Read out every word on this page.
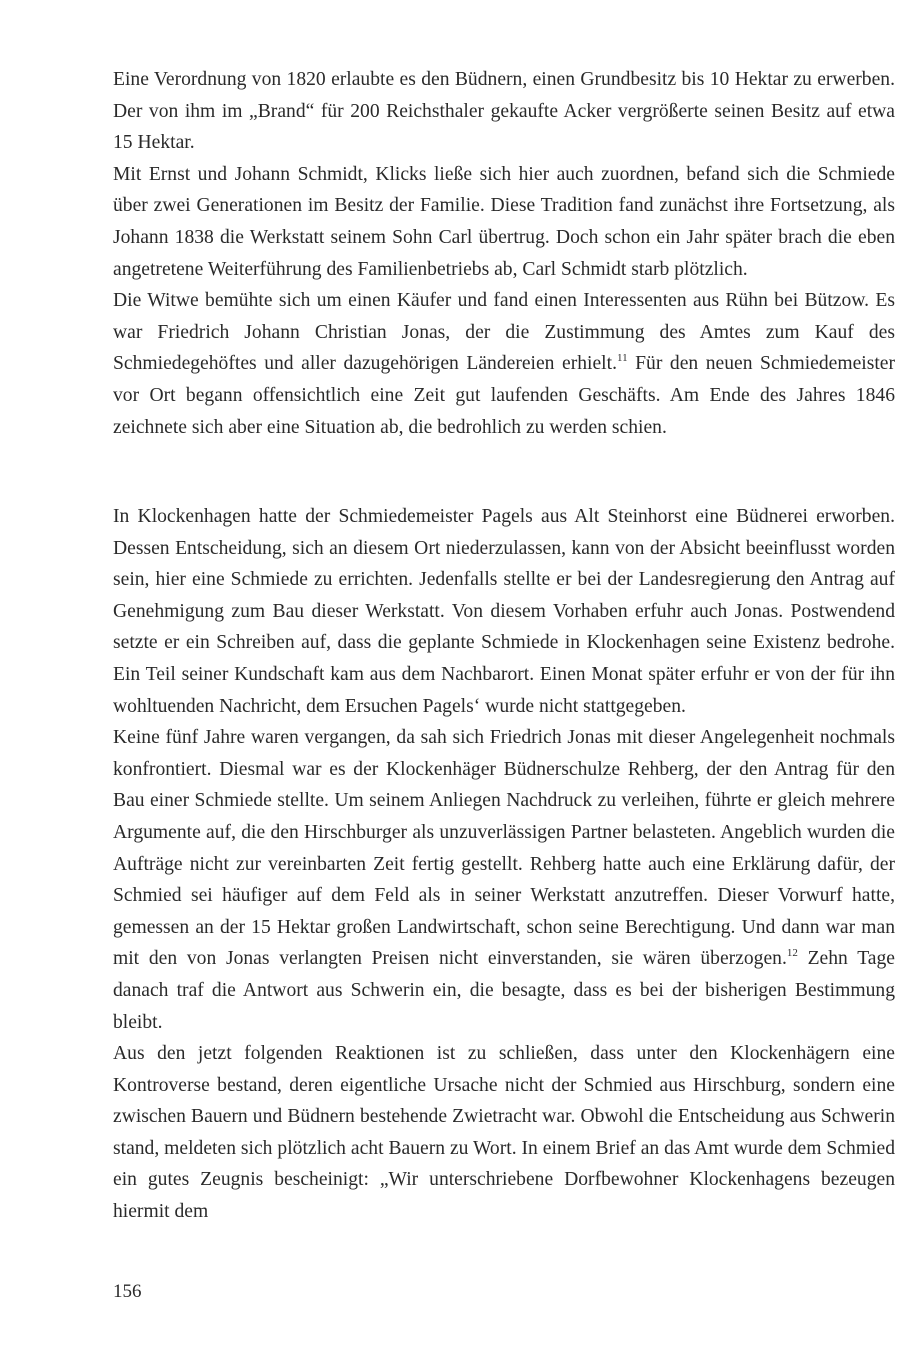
Eine Verordnung von 1820 erlaubte es den Büdnern, einen Grundbesitz bis 10 Hektar zu erwerben. Der von ihm im „Brand“ für 200 Reichsthaler gekaufte Acker vergrößerte seinen Besitz auf etwa 15 Hektar.

Mit Ernst und Johann Schmidt, Klicks ließe sich hier auch zuordnen, befand sich die Schmiede über zwei Generationen im Besitz der Familie. Diese Tradition fand zunächst ihre Fortsetzung, als Johann 1838 die Werkstatt seinem Sohn Carl übertrug. Doch schon ein Jahr später brach die eben angetretene Weiterführung des Familienbetriebs ab, Carl Schmidt starb plötzlich.

Die Witwe bemühte sich um einen Käufer und fand einen Interessenten aus Rühn bei Bützow. Es war Friedrich Johann Christian Jonas, der die Zustimmung des Amtes zum Kauf des Schmiedegehöftes und aller dazugehörigen Ländereien erhielt.$^{11}$ Für den neuen Schmiedemeister vor Ort begann offensichtlich eine Zeit gut laufenden Geschäfts. Am Ende des Jahres 1846 zeichnete sich aber eine Situation ab, die bedrohlich zu werden schien.

In Klockenhagen hatte der Schmiedemeister Pagels aus Alt Steinhorst eine Büdnerei erworben. Dessen Entscheidung, sich an diesem Ort niederzulassen, kann von der Absicht beeinflusst worden sein, hier eine Schmiede zu errichten. Jedenfalls stellte er bei der Landesregierung den Antrag auf Genehmigung zum Bau dieser Werkstatt. Von diesem Vorhaben erfuhr auch Jonas. Postwendend setzte er ein Schreiben auf, dass die geplante Schmiede in Klockenhagen seine Existenz bedrohe. Ein Teil seiner Kundschaft kam aus dem Nachbarort. Einen Monat später erfuhr er von der für ihn wohltuenden Nachricht, dem Ersuchen Pagels‘ wurde nicht stattgegeben.

Keine fünf Jahre waren vergangen, da sah sich Friedrich Jonas mit dieser Angelegenheit nochmals konfrontiert. Diesmal war es der Klockenhäger Büdnerschulze Rehberg, der den Antrag für den Bau einer Schmiede stellte. Um seinem Anliegen Nachdruck zu verleihen, führte er gleich mehrere Argumente auf, die den Hirschburger als unzuverlässigen Partner belasteten. Angeblich wurden die Aufträge nicht zur vereinbarten Zeit fertig gestellt. Rehberg hatte auch eine Erklärung dafür, der Schmied sei häufiger auf dem Feld als in seiner Werkstatt anzutreffen. Dieser Vorwurf hatte, gemessen an der 15 Hektar großen Landwirtschaft, schon seine Berechtigung. Und dann war man mit den von Jonas verlangten Preisen nicht einverstanden, sie wären überzogen.$^{12}$ Zehn Tage danach traf die Antwort aus Schwerin ein, die besagte, dass es bei der bisherigen Bestimmung bleibt.

Aus den jetzt folgenden Reaktionen ist zu schließen, dass unter den Klockenhägern eine Kontroverse bestand, deren eigentliche Ursache nicht der Schmied aus Hirschburg, sondern eine zwischen Bauern und Büdnern bestehende Zwietracht war. Obwohl die Entscheidung aus Schwerin stand, meldeten sich plötzlich acht Bauern zu Wort. In einem Brief an das Amt wurde dem Schmied ein gutes Zeugnis bescheinigt: „Wir unterschriebene Dorfbewohner Klockenhagens bezeugen hiermit dem

156
